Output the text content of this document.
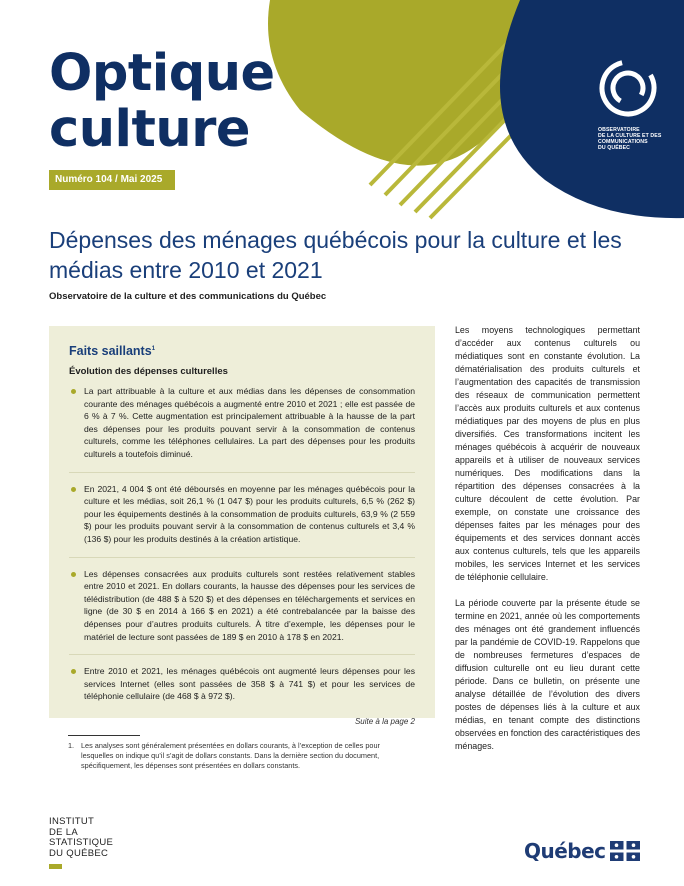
Optique
culture
Numéro 104 / Mai 2025
OBSERVATOIRE
DE LA CULTURE ET DES
COMMUNICATIONS
DU QUÉBEC
Dépenses des ménages québécois pour la culture et les médias entre 2010 et 2021
Observatoire de la culture et des communications du Québec
Faits saillants$^1$
Évolution des dépenses culturelles
La part attribuable à la culture et aux médias dans les dépenses de consommation courante des ménages québécois a augmenté entre 2010 et 2021 ; elle est passée de 6 % à 7 %. Cette augmentation est principalement attribuable à la hausse de la part des dépenses pour les produits pouvant servir à la consommation de contenus culturels, comme les téléphones cellulaires. La part des dépenses pour les produits culturels a toutefois diminué.
En 2021, 4 004 $ ont été déboursés en moyenne par les ménages québécois pour la culture et les médias, soit 26,1 % (1 047 $) pour les produits culturels, 6,5 % (262 $) pour les équipements destinés à la consommation de produits culturels, 63,9 % (2 559 $) pour les produits pouvant servir à la consommation de contenus culturels et 3,4 % (136 $) pour les produits destinés à la création artistique.
Les dépenses consacrées aux produits culturels sont restées relativement stables entre 2010 et 2021. En dollars courants, la hausse des dépenses pour les services de télédistribution (de 488 $ à 520 $) et des dépenses en téléchargements et services en ligne (de 30 $ en 2014 à 166 $ en 2021) a été contrebalancée par la baisse des dépenses pour d’autres produits culturels. À titre d’exemple, les dépenses pour le matériel de lecture sont passées de 189 $ en 2010 à 178 $ en 2021.
Entre 2010 et 2021, les ménages québécois ont augmenté leurs dépenses pour les services Internet (elles sont passées de 358 $ à 741 $) et pour les services de téléphonie cellulaire (de 468 $ à 972 $).
Suite à la page 2
1. Les analyses sont généralement présentées en dollars courants, à l’exception de celles pour lesquelles on indique qu’il s’agit de dollars constants. Dans la dernière section du document, spécifiquement, les dépenses sont présentées en dollars constants.

Les moyens technologiques permettant d’accéder aux contenus culturels ou médiatiques sont en constante évolution. La dématérialisation des produits culturels et l’augmentation des capacités de transmission des réseaux de communication permettent l’accès aux produits culturels et aux contenus médiatiques par des moyens de plus en plus diversifiés. Ces transformations incitent les ménages québécois à acquérir de nouveaux appareils et à utiliser de nouveaux services numériques. Des modifications dans la répartition des dépenses consacrées à la culture découlent de cette évolution. Par exemple, on constate une croissance des dépenses faites par les ménages pour des équipements et des services donnant accès aux contenus culturels, tels que les appareils mobiles, les services Internet et les services de téléphonie cellulaire.

La période couverte par la présente étude se termine en 2021, année où les comportements des ménages ont été grandement influencés par la pandémie de COVID-19. Rappelons que de nombreuses fermetures d’espaces de diffusion culturelle ont eu lieu durant cette période. Dans ce bulletin, on présente une analyse détaillée de l’évolution des divers postes de dépenses liés à la culture et aux médias, en tenant compte des distinctions observées en fonction des caractéristiques des ménages.

INSTITUT
DE LA
STATISTIQUE
DU QUÉBEC	Québec
